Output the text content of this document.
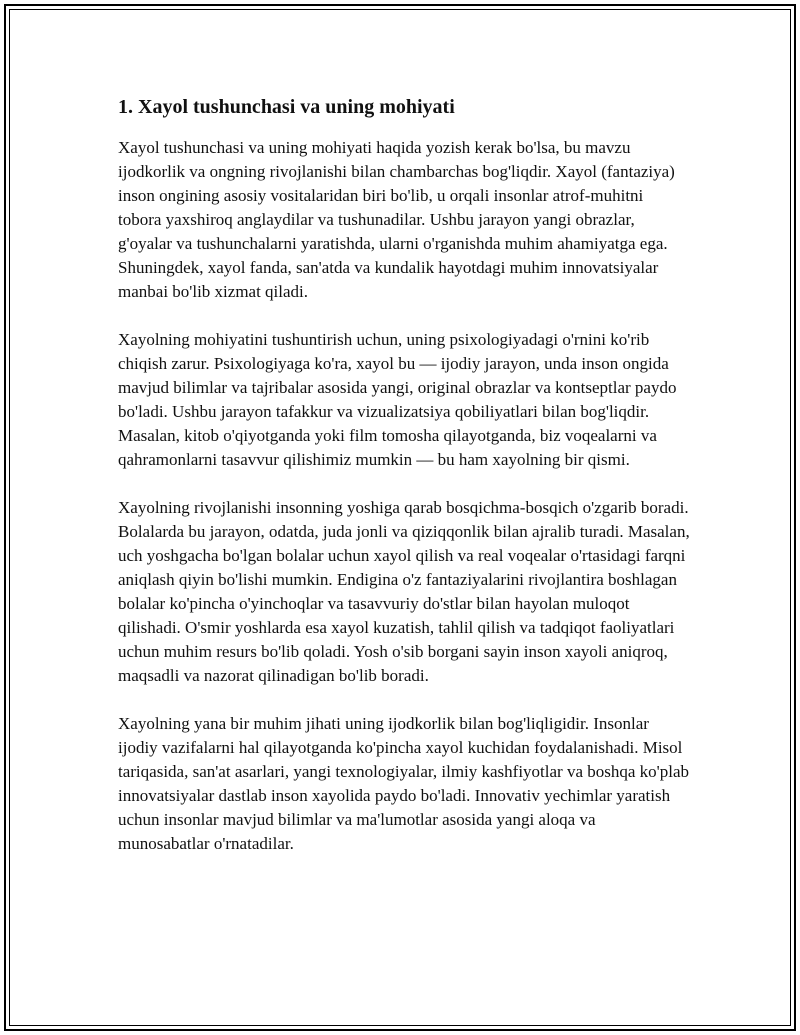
1. Xayol tushunchasi va uning mohiyati

Xayol tushunchasi va uning mohiyati haqida yozish kerak bo'lsa, bu mavzu ijodkorlik va ongning rivojlanishi bilan chambarchas bog'liqdir. Xayol (fantaziya) inson ongining asosiy vositalaridan biri bo'lib, u orqali insonlar atrof-muhitni tobora yaxshiroq anglaydilar va tushunadilar. Ushbu jarayon yangi obrazlar, g'oyalar va tushunchalarni yaratishda, ularni o'rganishda muhim ahamiyatga ega. Shuningdek, xayol fanda, san'atda va kundalik hayotdagi muhim innovatsiyalar manbai bo'lib xizmat qiladi.

Xayolning mohiyatini tushuntirish uchun, uning psixologiyadagi o'rnini ko'rib chiqish zarur. Psixologiyaga ko'ra, xayol bu — ijodiy jarayon, unda inson ongida mavjud bilimlar va tajribalar asosida yangi, original obrazlar va kontseptlar paydo bo'ladi. Ushbu jarayon tafakkur va vizualizatsiya qobiliyatlari bilan bog'liqdir. Masalan, kitob o'qiyotganda yoki film tomosha qilayotganda, biz voqealarni va qahramonlarni tasavvur qilishimiz mumkin — bu ham xayolning bir qismi.

Xayolning rivojlanishi insonning yoshiga qarab bosqichma-bosqich o'zgarib boradi. Bolalarda bu jarayon, odatda, juda jonli va qiziqqonlik bilan ajralib turadi. Masalan, uch yoshgacha bo'lgan bolalar uchun xayol qilish va real voqealar o'rtasidagi farqni aniqlash qiyin bo'lishi mumkin. Endigina o'z fantaziyalarini rivojlantira boshlagan bolalar ko'pincha o'yinchoqlar va tasavvuriy do'stlar bilan hayolan muloqot qilishadi. O'smir yoshlarda esa xayol kuzatish, tahlil qilish va tadqiqot faoliyatlari uchun muhim resurs bo'lib qoladi. Yosh o'sib borgani sayin inson xayoli aniqroq, maqsadli va nazorat qilinadigan bo'lib boradi.

Xayolning yana bir muhim jihati uning ijodkorlik bilan bog'liqligidir. Insonlar ijodiy vazifalarni hal qilayotganda ko'pincha xayol kuchidan foydalanishadi. Misol tariqasida, san'at asarlari, yangi texnologiyalar, ilmiy kashfiyotlar va boshqa ko'plab innovatsiyalar dastlab inson xayolida paydo bo'ladi. Innovativ yechimlar yaratish uchun insonlar mavjud bilimlar va ma'lumotlar asosida yangi aloqa va munosabatlar o'rnatadilar.
